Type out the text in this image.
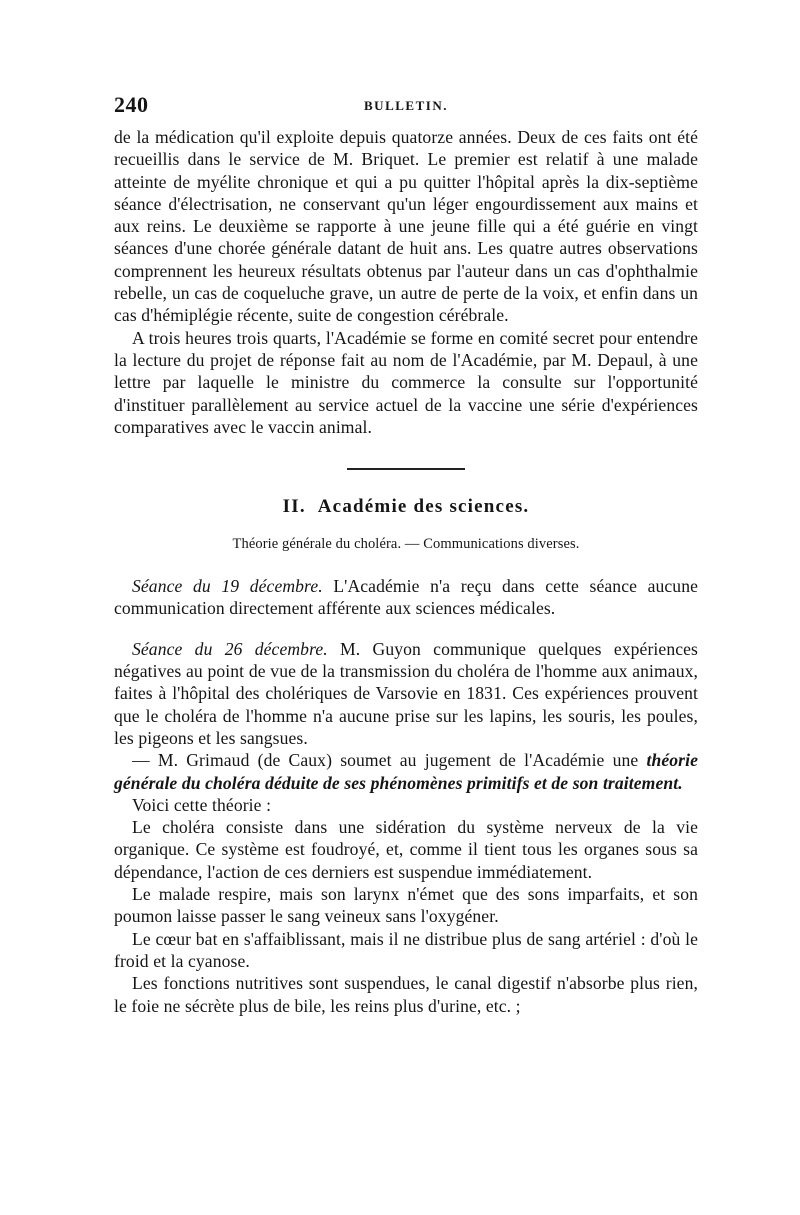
240	BULLETIN.

de la médication qu'il exploite depuis quatorze années. Deux de ces faits ont été recueillis dans le service de M. Briquet. Le premier est relatif à une malade atteinte de myélite chronique et qui a pu quitter l'hôpital après la dix-septième séance d'électrisation, ne conservant qu'un léger engourdissement aux mains et aux reins. Le deuxième se rapporte à une jeune fille qui a été guérie en vingt séances d'une chorée générale datant de huit ans. Les quatre autres observations comprennent les heureux résultats obtenus par l'auteur dans un cas d'ophthalmie rebelle, un cas de coqueluche grave, un autre de perte de la voix, et enfin dans un cas d'hémiplégie récente, suite de congestion cérébrale.

A trois heures trois quarts, l'Académie se forme en comité secret pour entendre la lecture du projet de réponse fait au nom de l'Académie, par M. Depaul, à une lettre par laquelle le ministre du commerce la consulte sur l'opportunité d'instituer parallèlement au service actuel de la vaccine une série d'expériences comparatives avec le vaccin animal.

II. Académie des sciences.
Théorie générale du choléra. — Communications diverses.

Séance du 19 décembre. L'Académie n'a reçu dans cette séance aucune communication directement afférente aux sciences médicales.

Séance du 26 décembre. M. Guyon communique quelques expériences négatives au point de vue de la transmission du choléra de l'homme aux animaux, faites à l'hôpital des cholériques de Varsovie en 1831. Ces expériences prouvent que le choléra de l'homme n'a aucune prise sur les lapins, les souris, les poules, les pigeons et les sangsues.

— M. Grimaud (de Caux) soumet au jugement de l'Académie une théorie générale du choléra déduite de ses phénomènes primitifs et de son traitement.

Voici cette théorie :

Le choléra consiste dans une sidération du système nerveux de la vie organique. Ce système est foudroyé, et, comme il tient tous les organes sous sa dépendance, l'action de ces derniers est suspendue immédiatement.

Le malade respire, mais son larynx n'émet que des sons imparfaits, et son poumon laisse passer le sang veineux sans l'oxygéner.

Le cœur bat en s'affaiblissant, mais il ne distribue plus de sang artériel : d'où le froid et la cyanose.

Les fonctions nutritives sont suspendues, le canal digestif n'absorbe plus rien, le foie ne sécrète plus de bile, les reins plus d'urine, etc. ;
